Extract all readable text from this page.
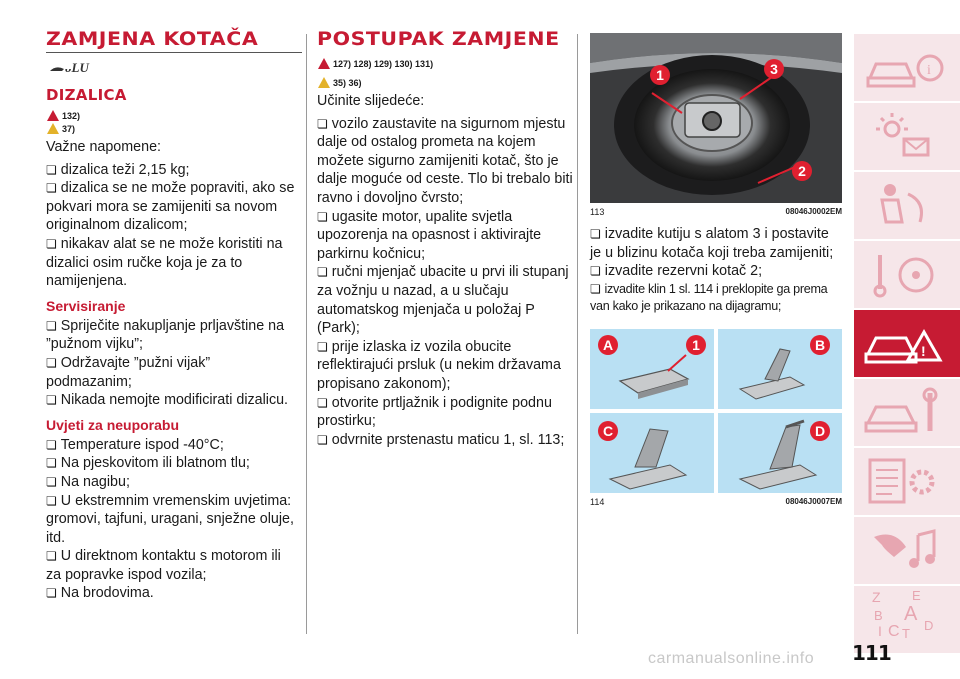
ZAMJENA KOTAČA
ᴗLU
DIZALICA
132)
37)

Važne napomene:

❏ dizalica teži 2,15 kg;

❏ dizalica se ne može popraviti, ako se pokvari mora se zamijeniti sa novom originalnom dizalicom;

❏ nikakav alat se ne može koristiti na dizalici osim ručke koja je za to namijenjena.

Servisiranje

❏ Spriječite nakupljanje prljavštine na ”pužnom vijku”;

❏ Održavajte ”pužni vijak” podmazanim;

❏ Nikada nemojte modificirati dizalicu.

Uvjeti za neuporabu

❏ Temperature ispod -40°C;

❏ Na pjeskovitom ili blatnom tlu;

❏ Na nagibu;

❏ U ekstremnim vremenskim uvjetima: gromovi, tajfuni, uragani, snježne oluje, itd.

❏ U direktnom kontaktu s motorom ili za popravke ispod vozila;

❏ Na brodovima.

POSTUPAK ZAMJENE
127) 128) 129) 130) 131)
35) 36)

Učinite slijedeće:

❏ vozilo zaustavite na sigurnom mjestu dalje od ostalog prometa na kojem možete sigurno zamijeniti kotač, što je dalje moguće od ceste. Tlo bi trebalo biti ravno i dovoljno čvrsto;

❏ ugasite motor, upalite svjetla upozorenja na opasnost i aktivirajte parkirnu kočnicu;

❏ ručni mjenjač ubacite u prvi ili stupanj za vožnju u nazad, a u slučaju automatskog mjenjača u položaj P (Park);

❏ prije izlaska iz vozila obucite reflektirajući prsluk (u nekim državama propisano zakonom);

❏ otvorite prtljažnik i podignite podnu prostirku;

❏ odvrnite prstenastu maticu 1, sl. 113;

1
2
3
113	08046J0002EM

❏ izvadite kutiju s alatom 3 i postavite je u blizinu kotača koji treba zamijeniti;

❏ izvadite rezervni kotač 2;

❏ izvadite klin 1 sl. 114 i preklopite ga prema van kako je prikazano na dijagramu;

A	1	B
C	D
114	08046J0007EM
i
!
Z E
A
B
C D
I T
111
carmanualsonline.info
